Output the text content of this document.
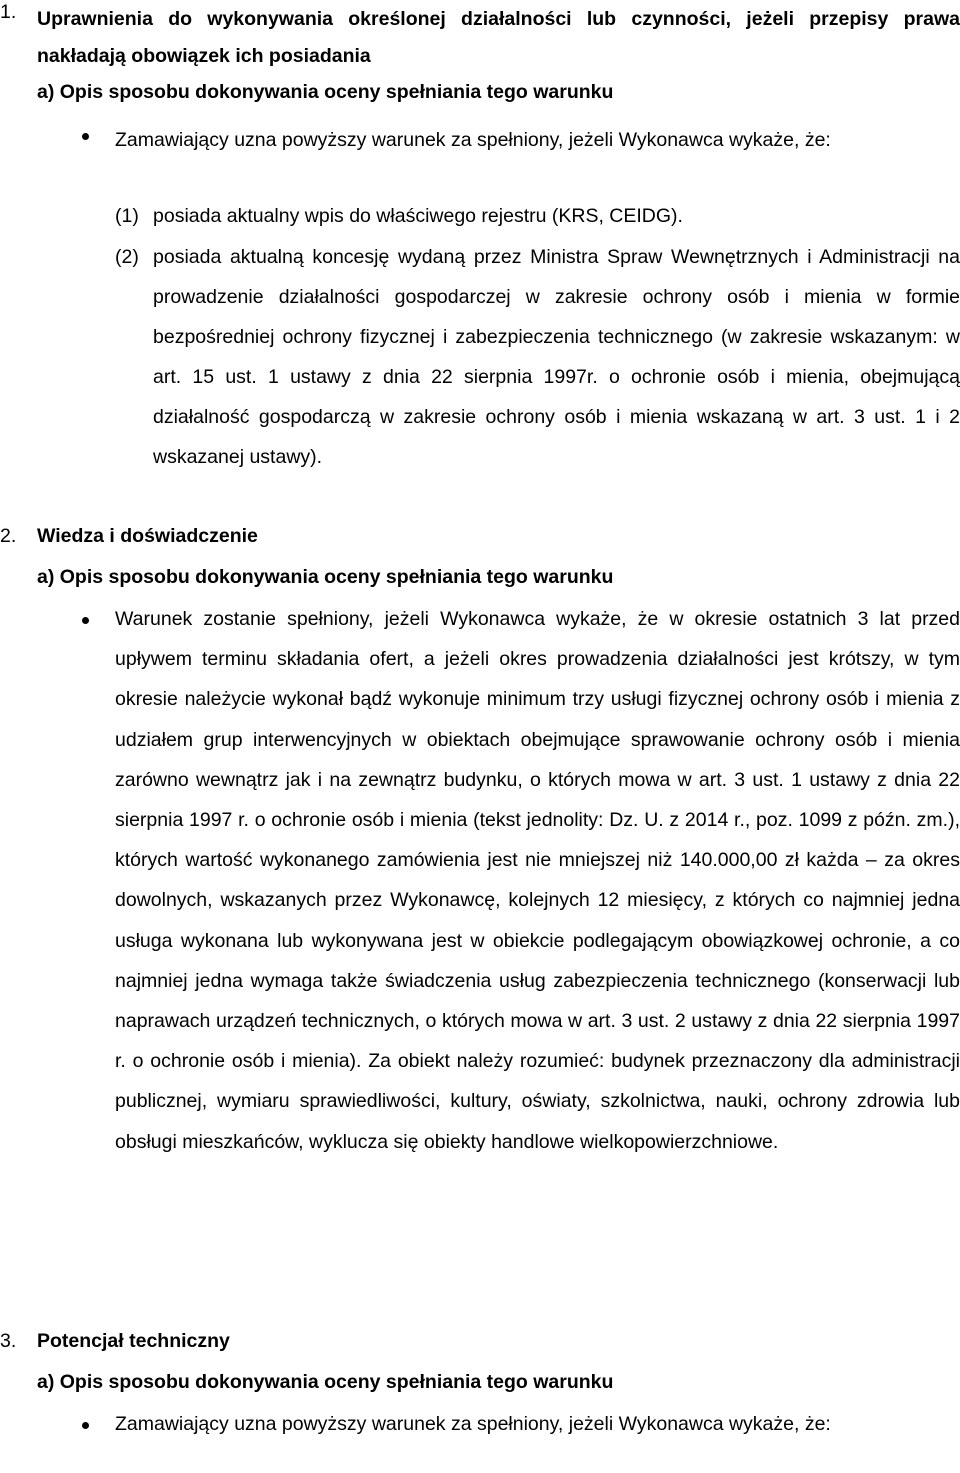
1. Uprawnienia do wykonywania określonej działalności lub czynności, jeżeli przepisy prawa nakładają obowiązek ich posiadania

a) Opis sposobu dokonywania oceny spełniania tego warunku

Zamawiający uzna powyższy warunek za spełniony, jeżeli Wykonawca wykaże, że:

(1) posiada aktualny wpis do właściwego rejestru (KRS, CEIDG).

(2) posiada aktualną koncesję wydaną przez Ministra Spraw Wewnętrznych i Administracji na prowadzenie działalności gospodarczej w zakresie ochrony osób i mienia w formie bezpośredniej ochrony fizycznej i zabezpieczenia technicznego (w zakresie wskazanym: w art. 15 ust. 1 ustawy z dnia 22 sierpnia 1997r. o ochronie osób i mienia, obejmującą działalność gospodarczą w zakresie ochrony osób i mienia wskazaną w art. 3 ust. 1 i 2 wskazanej ustawy).

2. Wiedza i doświadczenie

a) Opis sposobu dokonywania oceny spełniania tego warunku

Warunek zostanie spełniony, jeżeli Wykonawca wykaże, że w okresie ostatnich 3 lat przed upływem terminu składania ofert, a jeżeli okres prowadzenia działalności jest krótszy, w tym okresie należycie wykonał bądź wykonuje minimum trzy usługi fizycznej ochrony osób i mienia z udziałem grup interwencyjnych w obiektach obejmujące sprawowanie ochrony osób i mienia zarówno wewnątrz jak i na zewnątrz budynku, o których mowa w art. 3 ust. 1 ustawy z dnia 22 sierpnia 1997 r. o ochronie osób i mienia (tekst jednolity: Dz. U. z 2014 r., poz. 1099 z późn. zm.), których wartość wykonanego zamówienia jest nie mniejszej niż 140.000,00 zł każda – za okres dowolnych, wskazanych przez Wykonawcę, kolejnych 12 miesięcy, z których co najmniej jedna usługa wykonana lub wykonywana jest w obiekcie podlegającym obowiązkowej ochronie, a co najmniej jedna wymaga także świadczenia usług zabezpieczenia technicznego (konserwacji lub naprawach urządzeń technicznych, o których mowa w art. 3 ust. 2 ustawy z dnia 22 sierpnia 1997 r. o ochronie osób i mienia). Za obiekt należy rozumieć: budynek przeznaczony dla administracji publicznej, wymiaru sprawiedliwości, kultury, oświaty, szkolnictwa, nauki, ochrony zdrowia lub obsługi mieszkańców, wyklucza się obiekty handlowe wielkopowierzchniowe.

3. Potencjał techniczny

a) Opis sposobu dokonywania oceny spełniania tego warunku

Zamawiający uzna powyższy warunek za spełniony, jeżeli Wykonawca wykaże, że:
